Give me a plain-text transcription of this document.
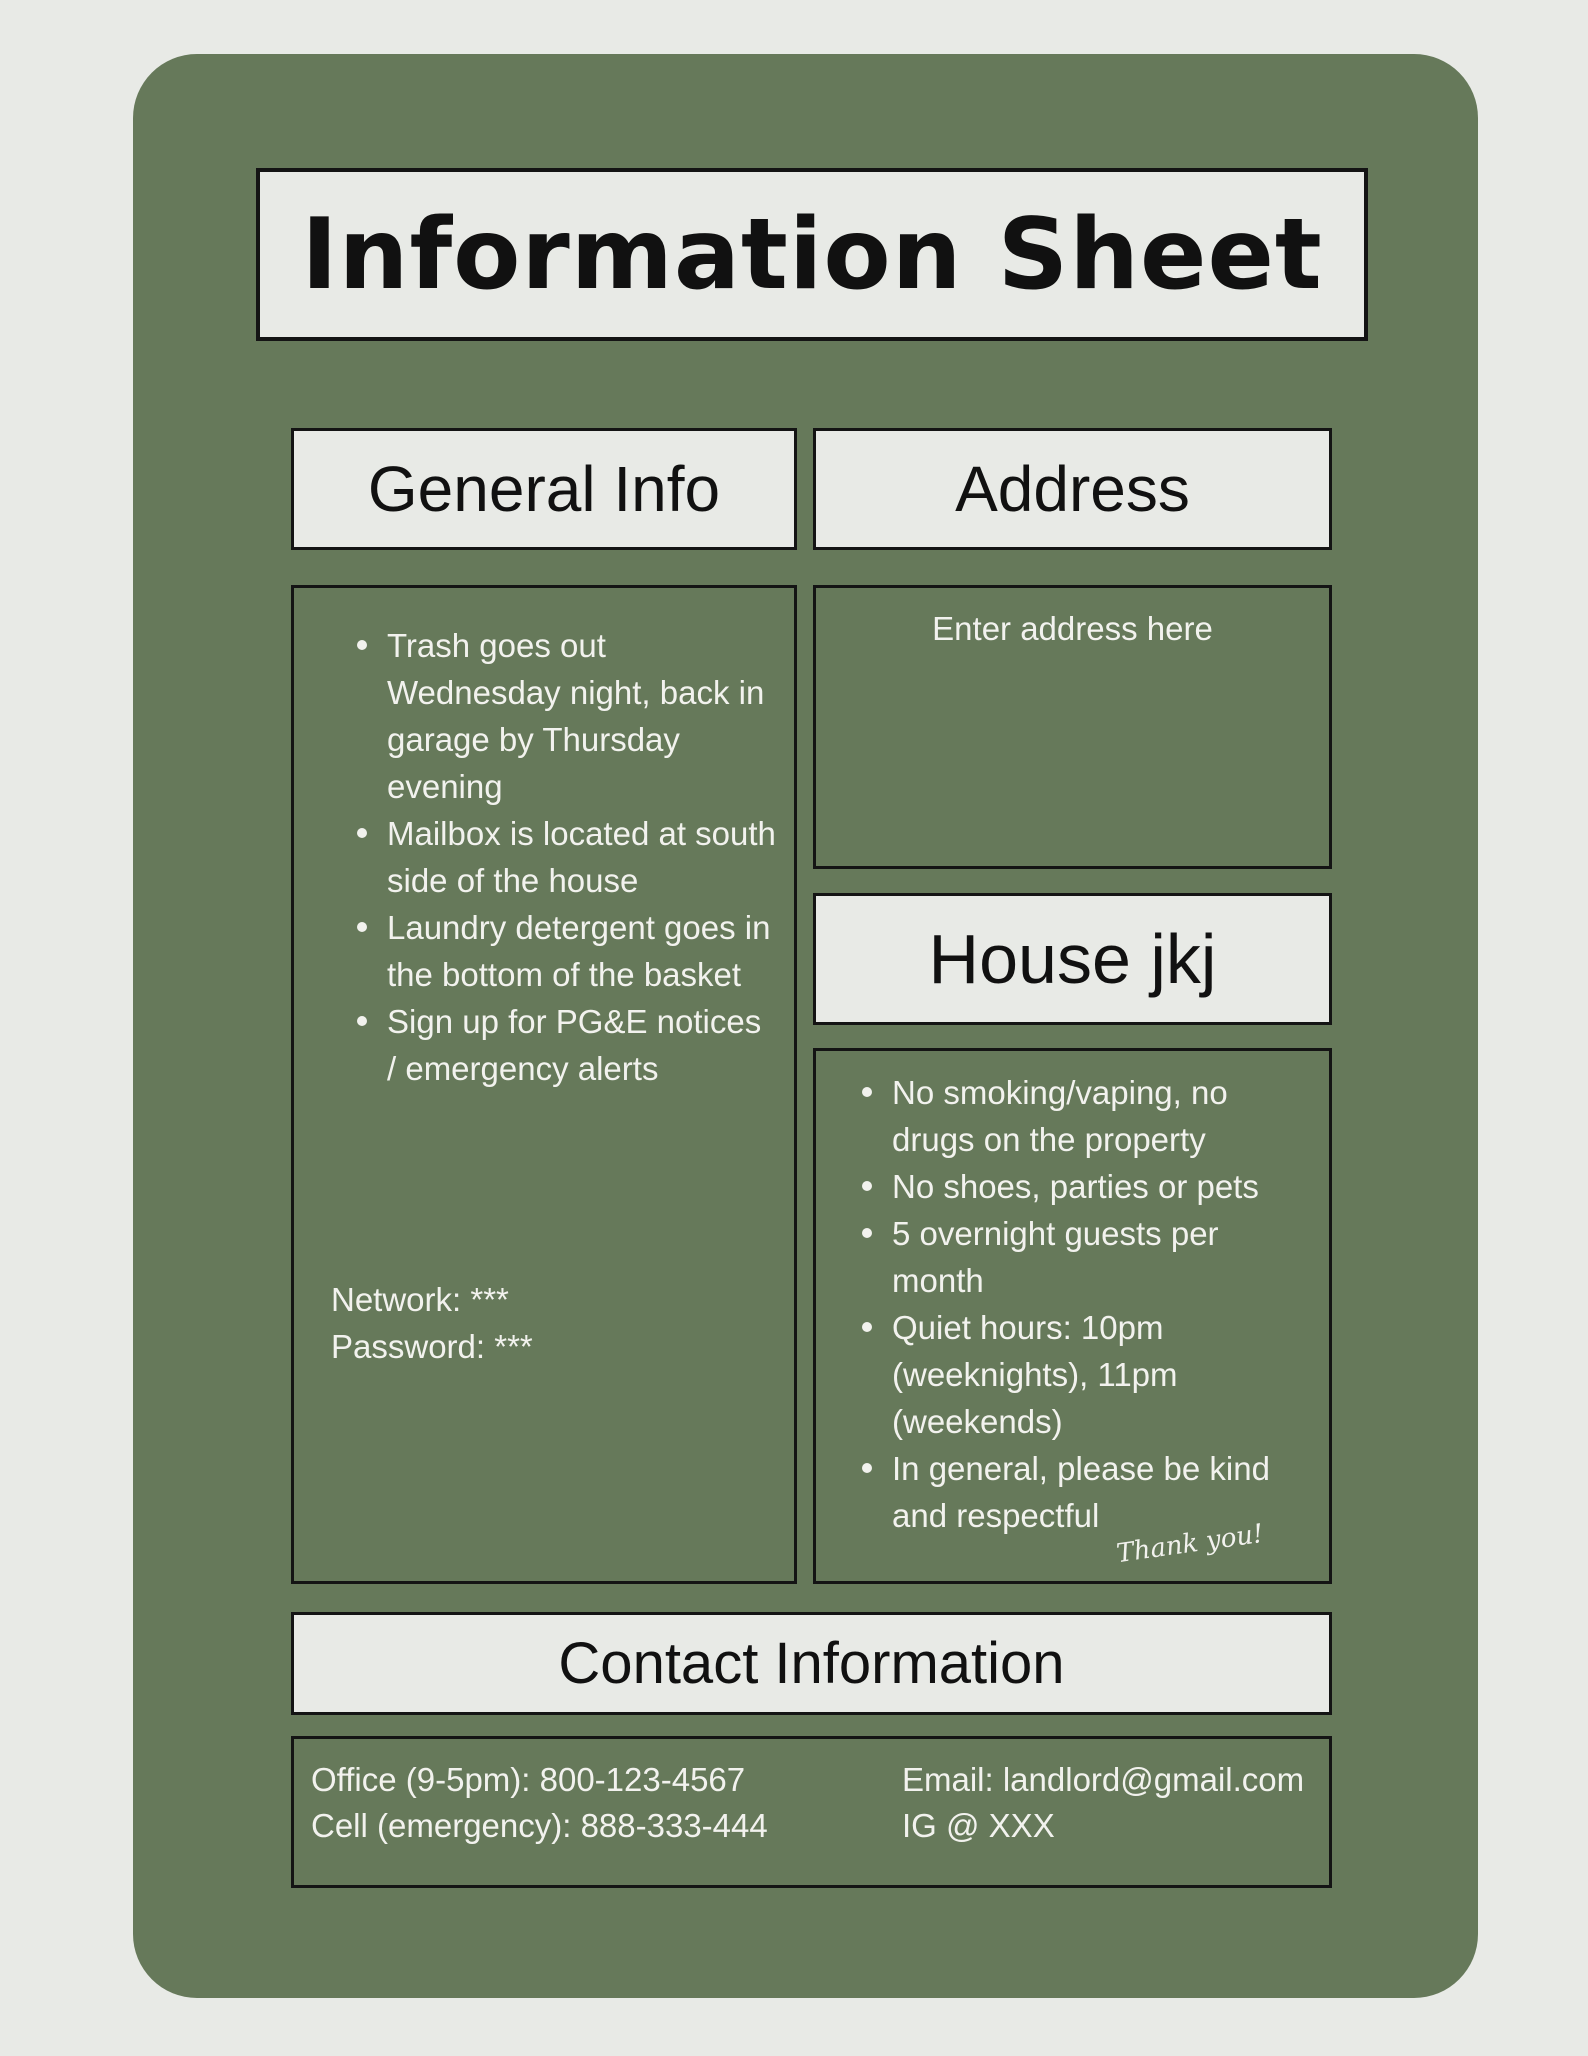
Information Sheet
General Info	Address
Trash goes out Wednesday night, back in garage by Thursday evening
Mailbox is located at south side of the house
Laundry detergent goes in the bottom of the basket
Sign up for PG&E notices / emergency alerts
Network: ***
Password: ***
Enter address here
House jkj
No smoking/vaping, no drugs on the property
No shoes, parties or pets
5 overnight guests per month
Quiet hours: 10pm (weeknights), 11pm (weekends)
In general, please be kind and respectful
Thank you!
Contact Information
Office (9-5pm): 800-123-4567
Cell (emergency): 888-333-444
Email: landlord@gmail.com
IG @ XXX
